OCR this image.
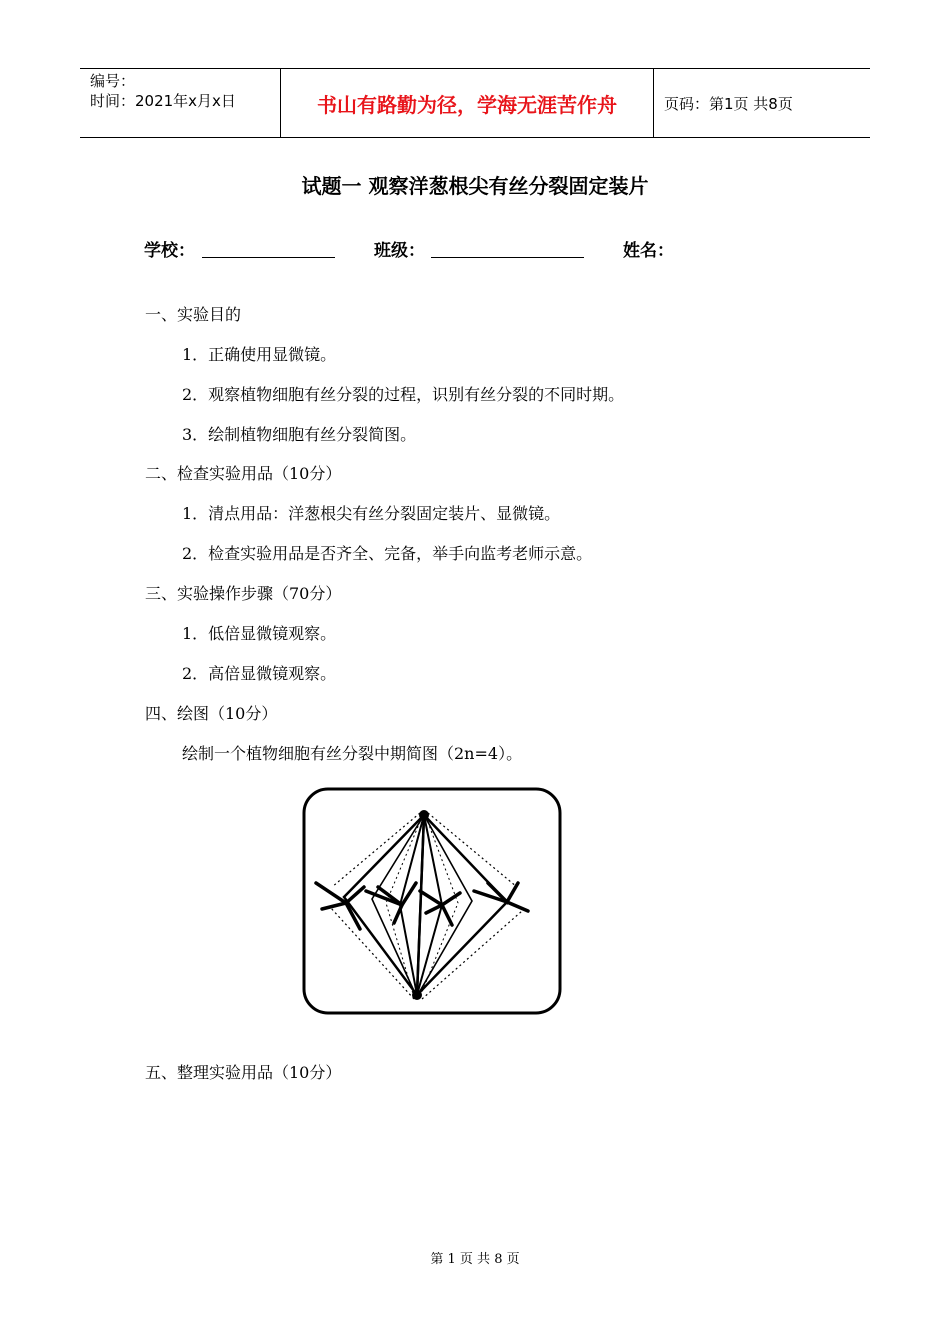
编号：
时间：2021年x月x日	书山有路勤为径，学海无涯苦作舟	页码：第1页 共8页
试题一 观察洋葱根尖有丝分裂固定装片
学校：	班级：	姓名：
一、实验目的
1．正确使用显微镜。
2．观察植物细胞有丝分裂的过程，识别有丝分裂的不同时期。
3．绘制植物细胞有丝分裂简图。
二、检查实验用品（10分）
1．清点用品：洋葱根尖有丝分裂固定装片、显微镜。
2．检查实验用品是否齐全、完备，举手向监考老师示意。
三、实验操作步骤（70分）
1．低倍显微镜观察。
2．高倍显微镜观察。
四、绘图（10分）
绘制一个植物细胞有丝分裂中期简图（2n=4）。
五、整理实验用品（10分）
第 1 页 共 8 页
